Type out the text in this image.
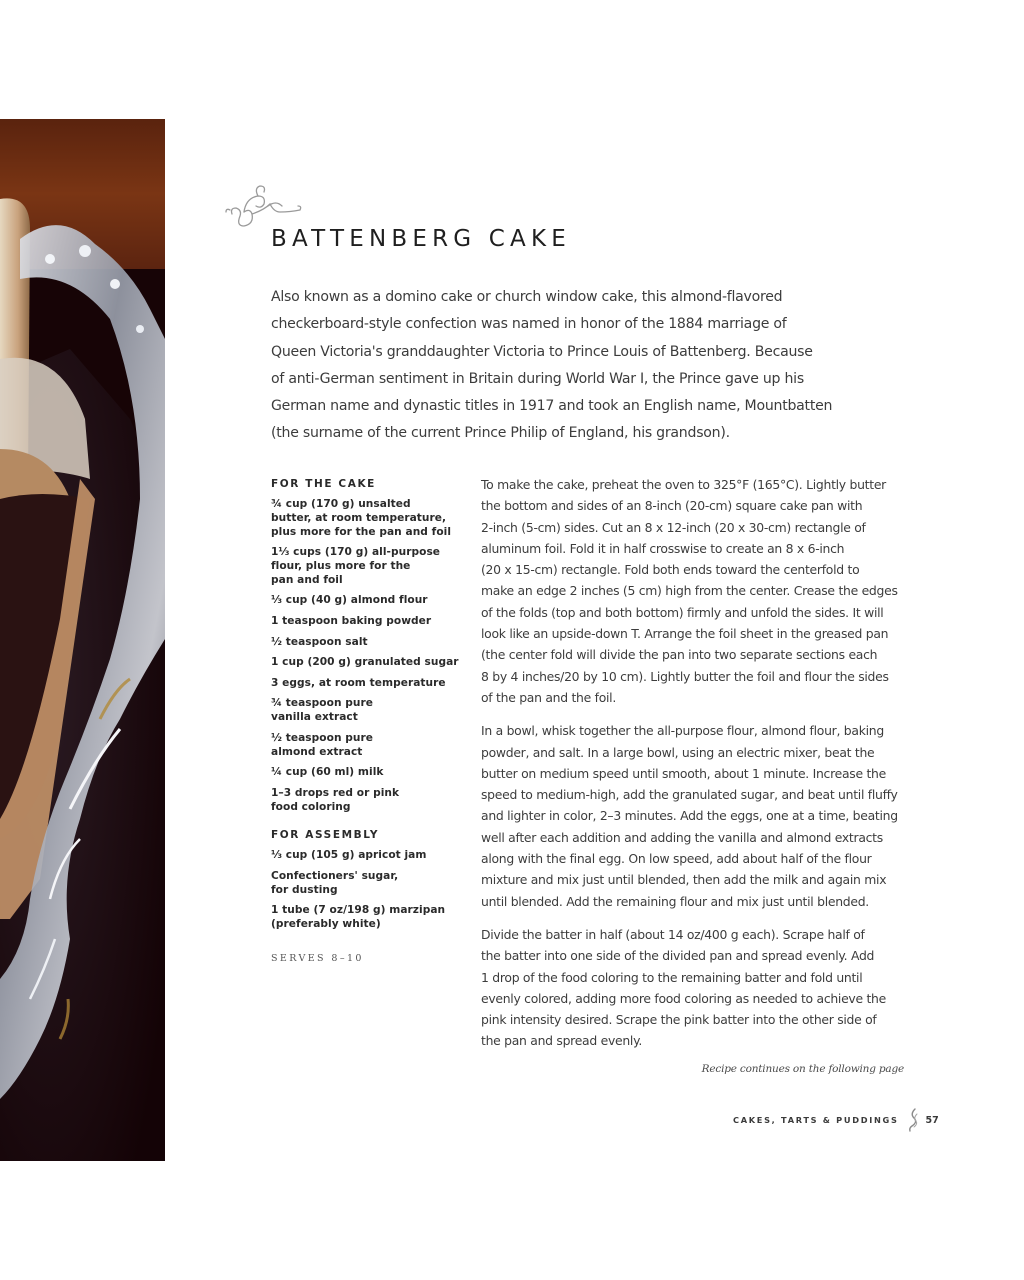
BATTENBERG CAKE
Also known as a domino cake or church window cake, this almond-flavored
checkerboard-style confection was named in honor of the 1884 marriage of
Queen Victoria's granddaughter Victoria to Prince Louis of Battenberg. Because
of anti-German sentiment in Britain during World War I, the Prince gave up his
German name and dynastic titles in 1917 and took an English name, Mountbatten
(the surname of the current Prince Philip of England, his grandson).
FOR THE CAKE
¾ cup (170 g) unsalted
butter, at room temperature,
plus more for the pan and foil
1⅓ cups (170 g) all-purpose
flour, plus more for the
pan and foil
⅓ cup (40 g) almond flour
1 teaspoon baking powder
½ teaspoon salt
1 cup (200 g) granulated sugar
3 eggs, at room temperature
¾ teaspoon pure
vanilla extract
½ teaspoon pure
almond extract
¼ cup (60 ml) milk
1–3 drops red or pink
food coloring
FOR ASSEMBLY
⅓ cup (105 g) apricot jam
Confectioners' sugar,
for dusting
1 tube (7 oz/198 g) marzipan
(preferably white)
SERVES 8–10

To make the cake, preheat the oven to 325°F (165°C). Lightly butter
the bottom and sides of an 8-inch (20-cm) square cake pan with
2-inch (5-cm) sides. Cut an 8 x 12-inch (20 x 30-cm) rectangle of
aluminum foil. Fold it in half crosswise to create an 8 x 6-inch
(20 x 15-cm) rectangle. Fold both ends toward the centerfold to
make an edge 2 inches (5 cm) high from the center. Crease the edges
of the folds (top and both bottom) firmly and unfold the sides. It will
look like an upside-down T. Arrange the foil sheet in the greased pan
(the center fold will divide the pan into two separate sections each
8 by 4 inches/20 by 10 cm). Lightly butter the foil and flour the sides
of the pan and the foil.

In a bowl, whisk together the all-purpose flour, almond flour, baking
powder, and salt. In a large bowl, using an electric mixer, beat the
butter on medium speed until smooth, about 1 minute. Increase the
speed to medium-high, add the granulated sugar, and beat until fluffy
and lighter in color, 2–3 minutes. Add the eggs, one at a time, beating
well after each addition and adding the vanilla and almond extracts
along with the final egg. On low speed, add about half of the flour
mixture and mix just until blended, then add the milk and again mix
until blended. Add the remaining flour and mix just until blended.

Divide the batter in half (about 14 oz/400 g each). Scrape half of
the batter into one side of the divided pan and spread evenly. Add
1 drop of the food coloring to the remaining batter and fold until
evenly colored, adding more food coloring as needed to achieve the
pink intensity desired. Scrape the pink batter into the other side of
the pan and spread evenly.

Recipe continues on the following page
CAKES, TARTS & PUDDINGS	57
